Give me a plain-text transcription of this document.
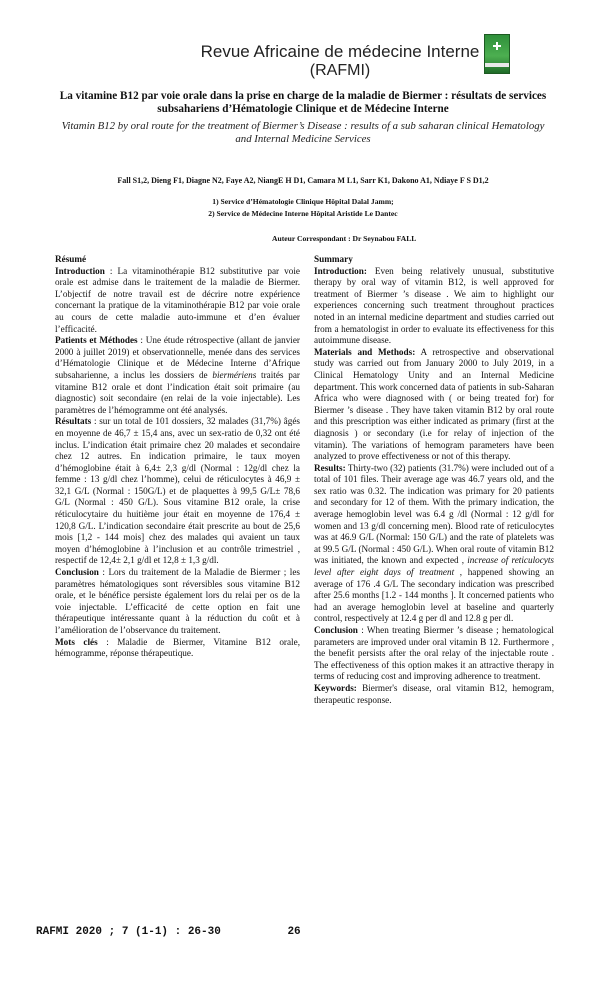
Revue Africaine de médecine Interne
(RAFMI)
La vitamine B12 par voie orale dans la prise en charge de la maladie de Biermer : résultats de services subsahariens d’Hématologie Clinique et de Médecine Interne
Vitamin B12 by oral route for the treatment of Biermer’s Disease : results of a sub saharan clinical Hematology and Internal Medicine Services
Fall S1,2, Dieng F1, Diagne N2, Faye A2, NiangE H D1, Camara M L1, Sarr K1, Dakono A1, Ndiaye F S D1,2
1) Service d’Hématologie Clinique Hôpital Dalal Jamm;
2) Service de Médecine Interne Hôpital Aristide Le Dantec
Auteur Correspondant : Dr Seynabou FALL

Résumé

Introduction : La vitaminothérapie B12 substitutive par voie orale est admise dans le traitement de la maladie de Biermer. L’objectif de notre travail est de décrire notre expérience concernant la pratique de la vitaminothérapie B12 par voie orale au cours de cette maladie auto-immune et d’en évaluer l’efficacité.

Patients et Méthodes : Une étude rétrospective (allant de janvier 2000 à juillet 2019) et observationnelle, menée dans des services d’Hématologie Clinique et de Médecine Interne d’Afrique subsaharienne, a inclus les dossiers de biermériens traités par vitamine B12 orale et dont l’indication était soit primaire (au diagnostic) soit secondaire (en relai de la voie injectable). Les paramètres de l’hémogramme ont été analysés.

Résultats : sur un total de 101 dossiers, 32 malades (31,7%) âgés en moyenne de 46,7 ± 15,4 ans, avec un sex-ratio de 0,32 ont été inclus. L’indication était primaire chez 20 malades et secondaire chez 12 autres. En indication primaire, le taux moyen d’hémoglobine était à 6,4± 2,3 g/dl (Normal : 12g/dl chez la femme : 13 g/dl chez l’homme), celui de réticulocytes à 46,9 ± 32,1 G/L (Normal : 150G/L) et de plaquettes à 99,5 G/L± 78,6 G/L (Normal : 450 G/L). Sous vitamine B12 orale, la crise réticulocytaire du huitième jour était en moyenne de 176,4 ± 120,8 G/L. L’indication secondaire était prescrite au bout de 25,6 mois [1,2 - 144 mois] chez des malades qui avaient un taux moyen d’hémoglobine à l’inclusion et au contrôle trimestriel , respectif de 12,4± 2,1 g/dl et 12,8 ± 1,3 g/dl.

Conclusion : Lors du traitement de la Maladie de Biermer ; les paramètres hématologiques sont réversibles sous vitamine B12 orale, et le bénéfice persiste également lors du relai per os de la voie injectable. L’efficacité de cette option en fait une thérapeutique intéressante quant à la réduction du coût et à l’amélioration de l’observance du traitement.

Mots clés : Maladie de Biermer, Vitamine B12 orale, hémogramme, réponse thérapeutique.

Summary

Introduction: Even being relatively unusual, substitutive therapy by oral way of vitamin B12, is well approved for treatment of Biermer ’s disease . We aim to highlight our experiences concerning such treatment throughout practices noted in an internal medicine department and studies carried out from a hematologist in order to evaluate its effectiveness for this autoimmune disease.

Materials and Methods: A retrospective and observational study was carried out from January 2000 to July 2019, in a Clinical Hematology Unity and an Internal Medicine department. This work concerned data of patients in sub-Saharan Africa who were diagnosed with ( or being treated for) for Biermer ’s disease . They have taken vitamin B12 by oral route and this prescription was either indicated as primary (first at the diagnosis ) or secondary (i.e for relay of injection of the vitamin). The variations of hemogram parameters have been analyzed to prove effectiveness or not of this therapy.

Results: Thirty-two (32) patients (31.7%) were included out of a total of 101 files. Their average age was 46.7 years old, and the sex ratio was 0.32. The indication was primary for 20 patients and secondary for 12 of them. With the primary indication, the average hemoglobin level was 6.4 g /dl (Normal : 12 g/dl for women and 13 g/dl concerning men). Blood rate of reticulocytes was at 46.9 G/L (Normal: 150 G/L) and the rate of platelets was at 99.5 G/L (Normal : 450 G/L). When oral route of vitamin B12 was initiated, the known and expected , increase of reticulocyts level after eight days of treatment , happened showing an average of 176 .4 G/L The secondary indication was prescribed after 25.6 months [1.2 - 144 months ]. It concerned patients who had an average hemoglobin level at baseline and quarterly control, respectively at 12.4 g per dl and 12.8 g per dl.

Conclusion : When treating Biermer ’s disease ; hematological parameters are improved under oral vitamin B 12. Furthermore , the benefit persists after the oral relay of the injectable route . The effectiveness of this option makes it an attractive therapy in terms of reducing cost and improving adherence to treatment.

Keywords: Biermer's disease, oral vitamin B12, hemogram, therapeutic response.

RAFMI 2020 ; 7 (1-1) : 26-30	26
